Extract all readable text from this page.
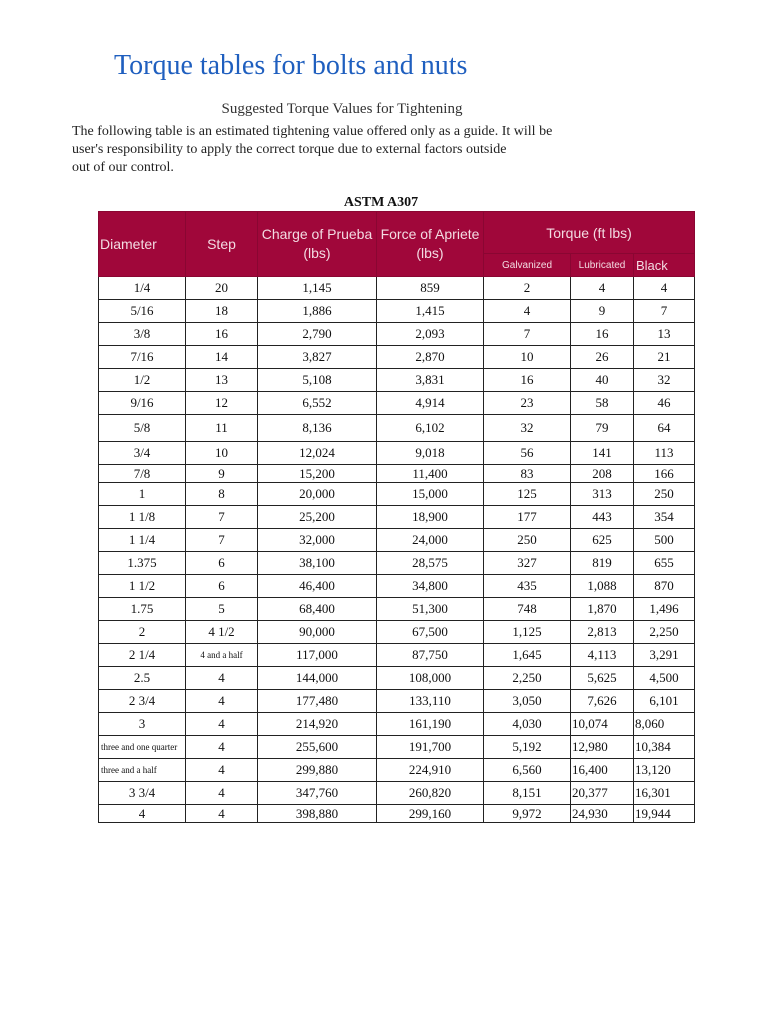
Torque tables for bolts and nuts
Suggested Torque Values for Tightening
The following table is an estimated tightening value offered only as a guide. It will be
user's responsibility to apply the correct torque due to external factors outside
out of our control.
ASTM A307
Diameter	Step	Charge of Prueba (lbs)	Force of Apriete (lbs)	Torque (ft lbs)		
				Galvanized	Lubricated	Black
1/4	20	1,145	859	2	4	4
5/16	18	1,886	1,415	4	9	7
3/8	16	2,790	2,093	7	16	13
7/16	14	3,827	2,870	10	26	21
1/2	13	5,108	3,831	16	40	32
9/16	12	6,552	4,914	23	58	46
5/8	11	8,136	6,102	32	79	64
3/4	10	12,024	9,018	56	141	113
7/8	9	15,200	11,400	83	208	166
1	8	20,000	15,000	125	313	250
1 1/8	7	25,200	18,900	177	443	354
1 1/4	7	32,000	24,000	250	625	500
1.375	6	38,100	28,575	327	819	655
1 1/2	6	46,400	34,800	435	1,088	870
1.75	5	68,400	51,300	748	1,870	1,496
2	4 1/2	90,000	67,500	1,125	2,813	2,250
2 1/4	4 and a half	117,000	87,750	1,645	4,113	3,291
2.5	4	144,000	108,000	2,250	5,625	4,500
2 3/4	4	177,480	133,110	3,050	7,626	6,101
3	4	214,920	161,190	4,030	10,074	8,060
three and one quarter	4	255,600	191,700	5,192	12,980	10,384
three and a half	4	299,880	224,910	6,560	16,400	13,120
3 3/4	4	347,760	260,820	8,151	20,377	16,301
4	4	398,880	299,160	9,972	24,930	19,944
